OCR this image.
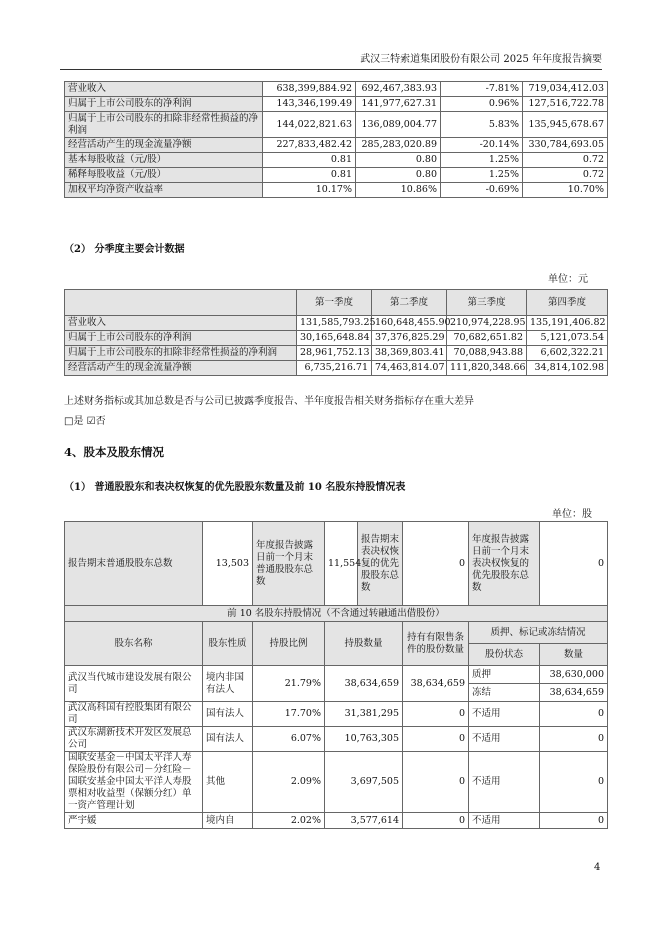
武汉三特索道集团股份有限公司 2025 年年度报告摘要
营业收入	638,399,884.92	692,467,383.93	-7.81%	719,034,412.03
归属于上市公司股东的净利润	143,346,199.49	141,977,627.31	0.96%	127,516,722.78
归属于上市公司股东的扣除非经常性损益的净利润	144,022,821.63	136,089,004.77	5.83%	135,945,678.67
经营活动产生的现金流量净额	227,833,482.42	285,283,020.89	-20.14%	330,784,693.05
基本每股收益（元/股）	0.81	0.80	1.25%	0.72
稀释每股收益（元/股）	0.81	0.80	1.25%	0.72
加权平均净资产收益率	10.17%	10.86%	-0.69%	10.70%
（2） 分季度主要会计数据
单位：元
	第一季度	第二季度	第三季度	第四季度
营业收入	131,585,793.25	160,648,455.90	210,974,228.95	135,191,406.82
归属于上市公司股东的净利润	30,165,648.84	37,376,825.29	70,682,651.82	5,121,073.54
归属于上市公司股东的扣除非经常性损益的净利润	28,961,752.13	38,369,803.41	70,088,943.88	6,602,322.21
经营活动产生的现金流量净额	6,735,216.71	74,463,814.07	111,820,348.66	34,814,102.98
上述财务指标或其加总数是否与公司已披露季度报告、半年度报告相关财务指标存在重大差异
□是 ☑否
4、股本及股东情况
（1） 普通股股东和表决权恢复的优先股股东数量及前 10 名股东持股情况表
单位：股
报告期末普通股股东总数	13,503	年度报告披露日前一个月末普通股股东总数	11,554	报告期末表决权恢复的优先股股东总数	0	年度报告披露日前一个月末表决权恢复的优先股股东总数	0
前 10 名股东持股情况（不含通过转融通出借股份）							
股东名称	股东性质	持股比例	持股数量		持有有限售条件的股份数量	质押、标记或冻结情况	
						股份状态	数量
武汉当代城市建设发展有限公司	境内非国有法人	21.79%	38,634,659		38,634,659	质押	38,630,000
						冻结	38,634,659
武汉高科国有控股集团有限公司	国有法人	17.70%	31,381,295		0	不适用	0
武汉东湖新技术开发区发展总公司	国有法人	6.07%	10,763,305		0	不适用	0
国联安基金－中国太平洋人寿保险股份有限公司－分红险－国联安基金中国太平洋人寿股票相对收益型（保额分红）单一资产管理计划	其他	2.09%	3,697,505		0	不适用	0
严宇媛	境内自	2.02%	3,577,614		0	不适用	0
4
